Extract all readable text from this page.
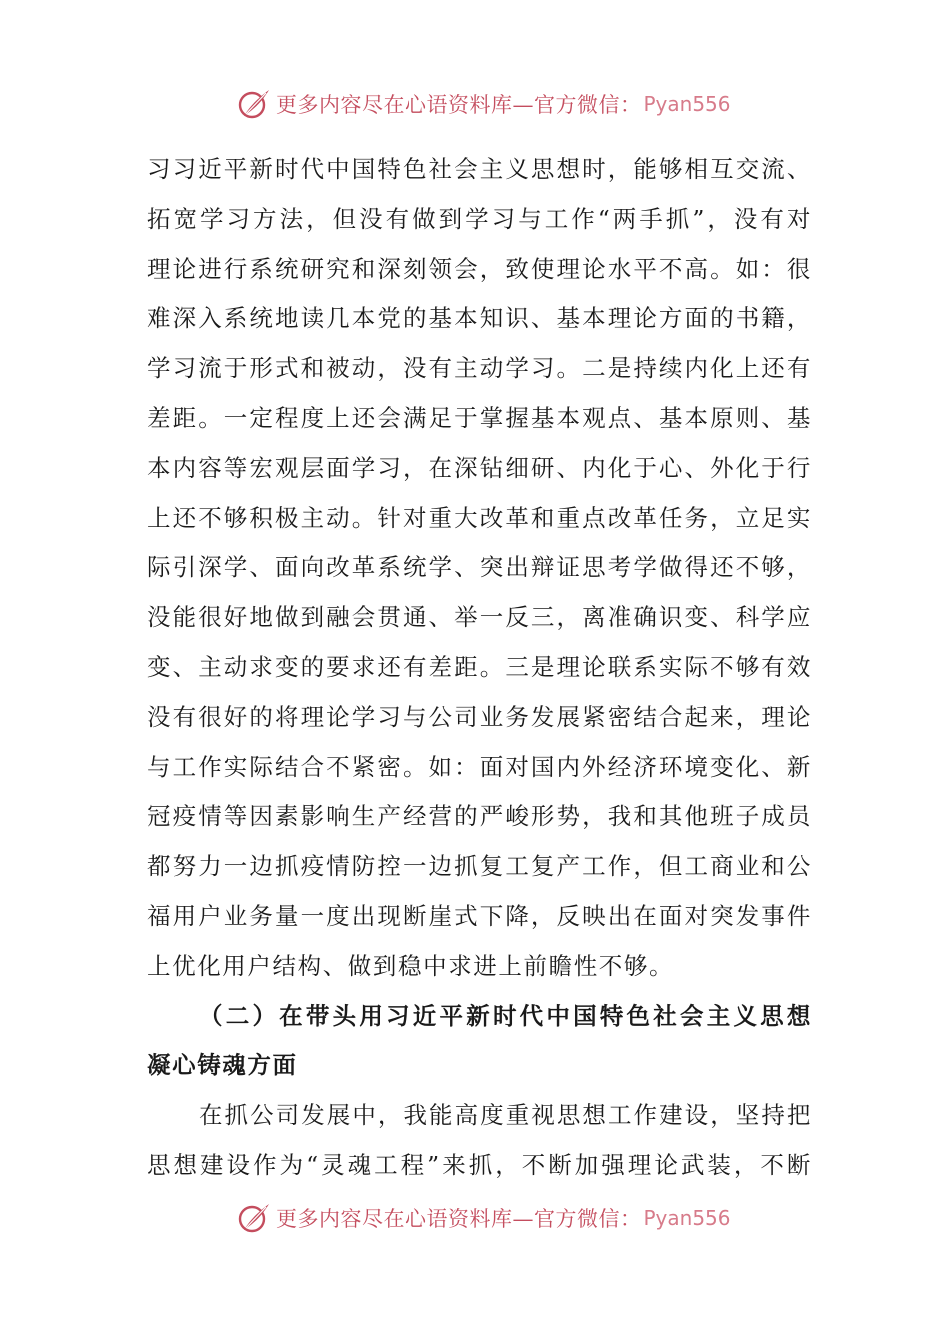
更多内容尽在心语资料库—官方微信： Pyan556
习习近平新时代中国特色社会主义思想时，能够相互交流、
拓宽学习方法，但没有做到学习与工作“两手抓”，没有对
理论进行系统研究和深刻领会，致使理论水平不高。如：很
难深入系统地读几本党的基本知识、基本理论方面的书籍，
学习流于形式和被动，没有主动学习。二是持续内化上还有
差距。一定程度上还会满足于掌握基本观点、基本原则、基
本内容等宏观层面学习，在深钻细研、内化于心、外化于行
上还不够积极主动。针对重大改革和重点改革任务，立足实
际引深学、面向改革系统学、突出辩证思考学做得还不够，
没能很好地做到融会贯通、举一反三，离准确识变、科学应
变、主动求变的要求还有差距。三是理论联系实际不够有效
没有很好的将理论学习与公司业务发展紧密结合起来，理论
与工作实际结合不紧密。如：面对国内外经济环境变化、新
冠疫情等因素影响生产经营的严峻形势，我和其他班子成员
都努力一边抓疫情防控一边抓复工复产工作，但工商业和公
福用户业务量一度出现断崖式下降，反映出在面对突发事件
上优化用户结构、做到稳中求进上前瞻性不够。
（二）在带头用习近平新时代中国特色社会主义思想
凝心铸魂方面
在抓公司发展中，我能高度重视思想工作建设，坚持把
思想建设作为“灵魂工程”来抓，不断加强理论武装，不断
更多内容尽在心语资料库—官方微信： Pyan556
